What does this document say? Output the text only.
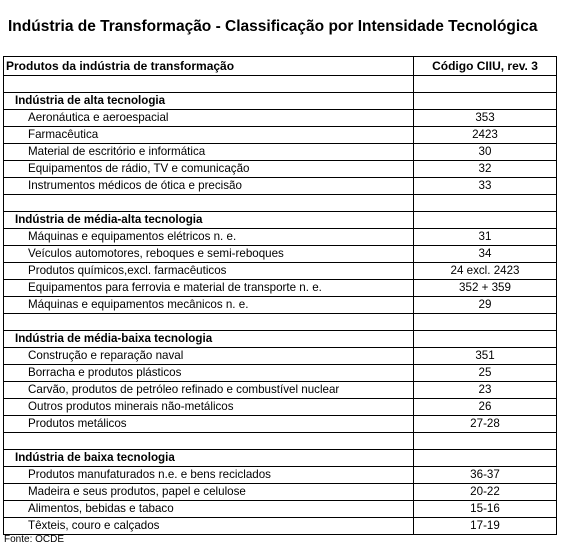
Indústria de Transformação - Classificação por Intensidade Tecnológica
Produtos da indústria de transformação	Código CIIU, rev. 3

Indústria de alta tecnologia	
Aeronáutica e aeroespacial	353
Farmacêutica	2423
Material de escritório e informática	30
Equipamentos de rádio, TV e comunicação	32
Instrumentos médicos de ótica e precisão	33

Indústria de média-alta tecnologia	
Máquinas e equipamentos elétricos n. e.	31
Veículos automotores, reboques e semi-reboques	34
Produtos químicos,excl. farmacêuticos	24 excl. 2423
Equipamentos para ferrovia e material de transporte n. e.	352 + 359
Máquinas e equipamentos mecânicos n. e.	29

Indústria de média-baixa tecnologia	
Construção e reparação naval	351
Borracha e produtos plásticos	25
Carvão, produtos de petróleo refinado e combustível nuclear	23
Outros produtos minerais não-metálicos	26
Produtos metálicos	27-28

Indústria de baixa tecnologia	
Produtos manufaturados n.e. e bens reciclados	36-37
Madeira e seus produtos, papel e celulose	20-22
Alimentos, bebidas e tabaco	15-16
Têxteis, couro e calçados	17-19
Fonte: OCDE
